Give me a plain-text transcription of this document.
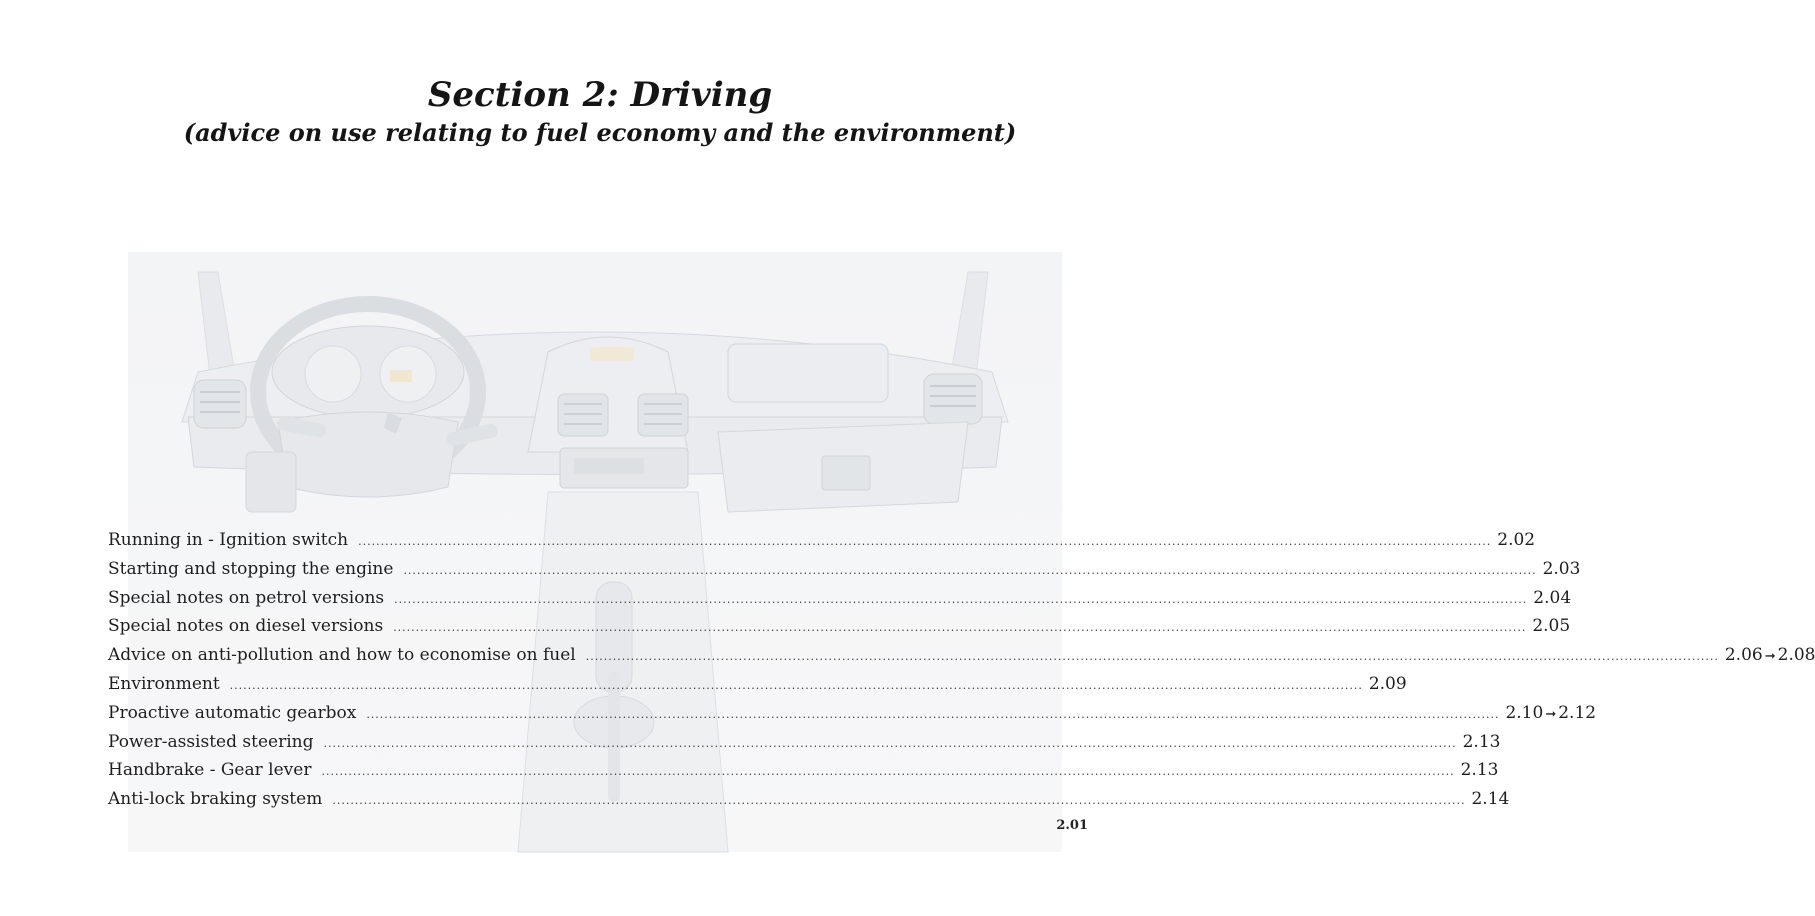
Section 2: Driving
(advice on use relating to fuel economy and the environment)
Running in - Ignition switch ............................................................................................................................................................................................................................................................ 2.02
Starting and stopping the engine ............................................................................................................................................................................................................................................................ 2.03
Special notes on petrol versions ............................................................................................................................................................................................................................................................ 2.04
Special notes on diesel versions ............................................................................................................................................................................................................................................................ 2.05
Advice on anti-pollution and how to economise on fuel ............................................................................................................................................................................................................................................................ 2.06 ➞ 2.08
Environment ............................................................................................................................................................................................................................................................ 2.09
Proactive automatic gearbox ............................................................................................................................................................................................................................................................ 2.10 ➞ 2.12
Power-assisted steering ............................................................................................................................................................................................................................................................ 2.13
Handbrake - Gear lever ............................................................................................................................................................................................................................................................ 2.13
Anti-lock braking system ............................................................................................................................................................................................................................................................ 2.14
2.01
